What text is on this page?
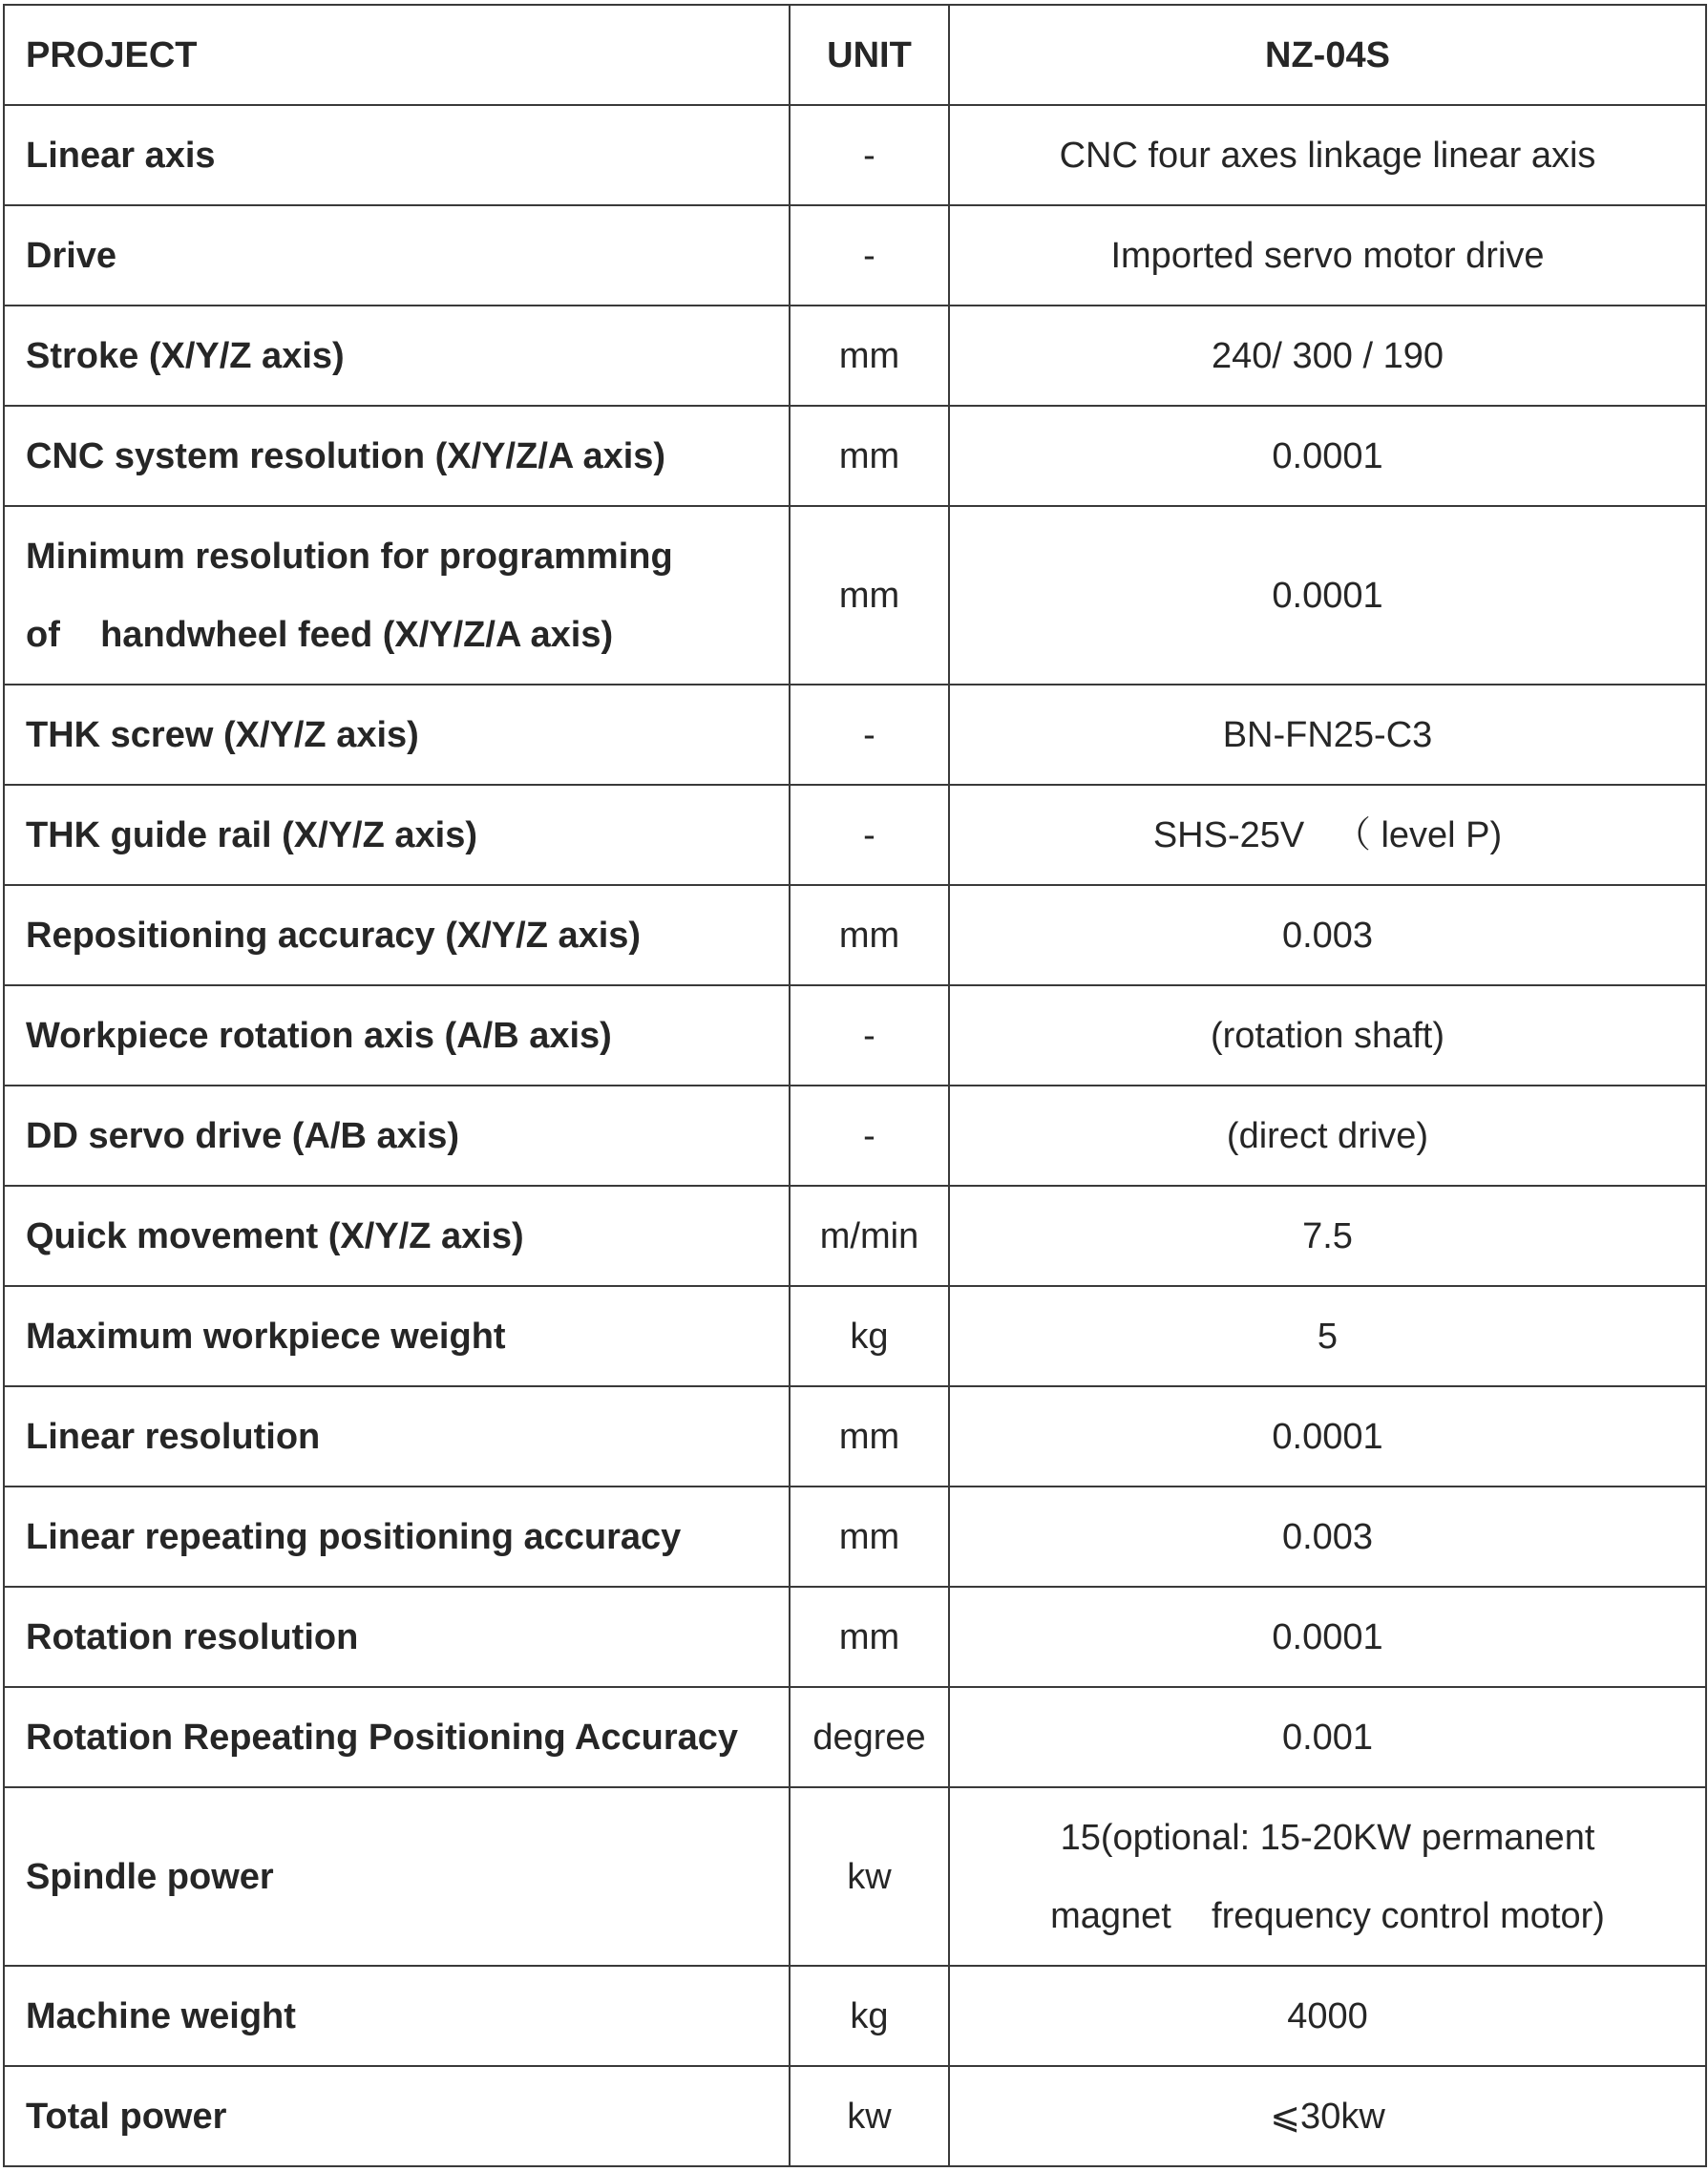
PROJECT	UNIT	NZ-04S

Linear axis	-	CNC four axes linkage linear axis

Drive	-	Imported servo motor drive

Stroke (X/Y/Z axis)	mm	240/ 300 / 190

CNC system resolution (X/Y/Z/A axis)	mm	0.0001

Minimum resolution for programming
of    handwheel feed (X/Y/Z/A axis)	mm	0.0001

THK screw (X/Y/Z axis)	-	BN-FN25-C3

THK guide rail (X/Y/Z axis)	-	SHS-25V   （ level P)

Repositioning accuracy (X/Y/Z axis)	mm	0.003

Workpiece rotation axis (A/B axis)	-	(rotation shaft)

DD servo drive (A/B axis)	-	(direct drive)

Quick movement (X/Y/Z axis)	m/min	7.5

Maximum workpiece weight	kg	5

Linear resolution	mm	0.0001

Linear repeating positioning accuracy	mm	0.003

Rotation resolution	mm	0.0001

Rotation Repeating Positioning Accuracy	degree	0.001

Spindle power	kw	15(optional: 15-20KW permanent
magnet    frequency control motor)

Machine weight	kg	4000

Total power	kw	⩽30kw
